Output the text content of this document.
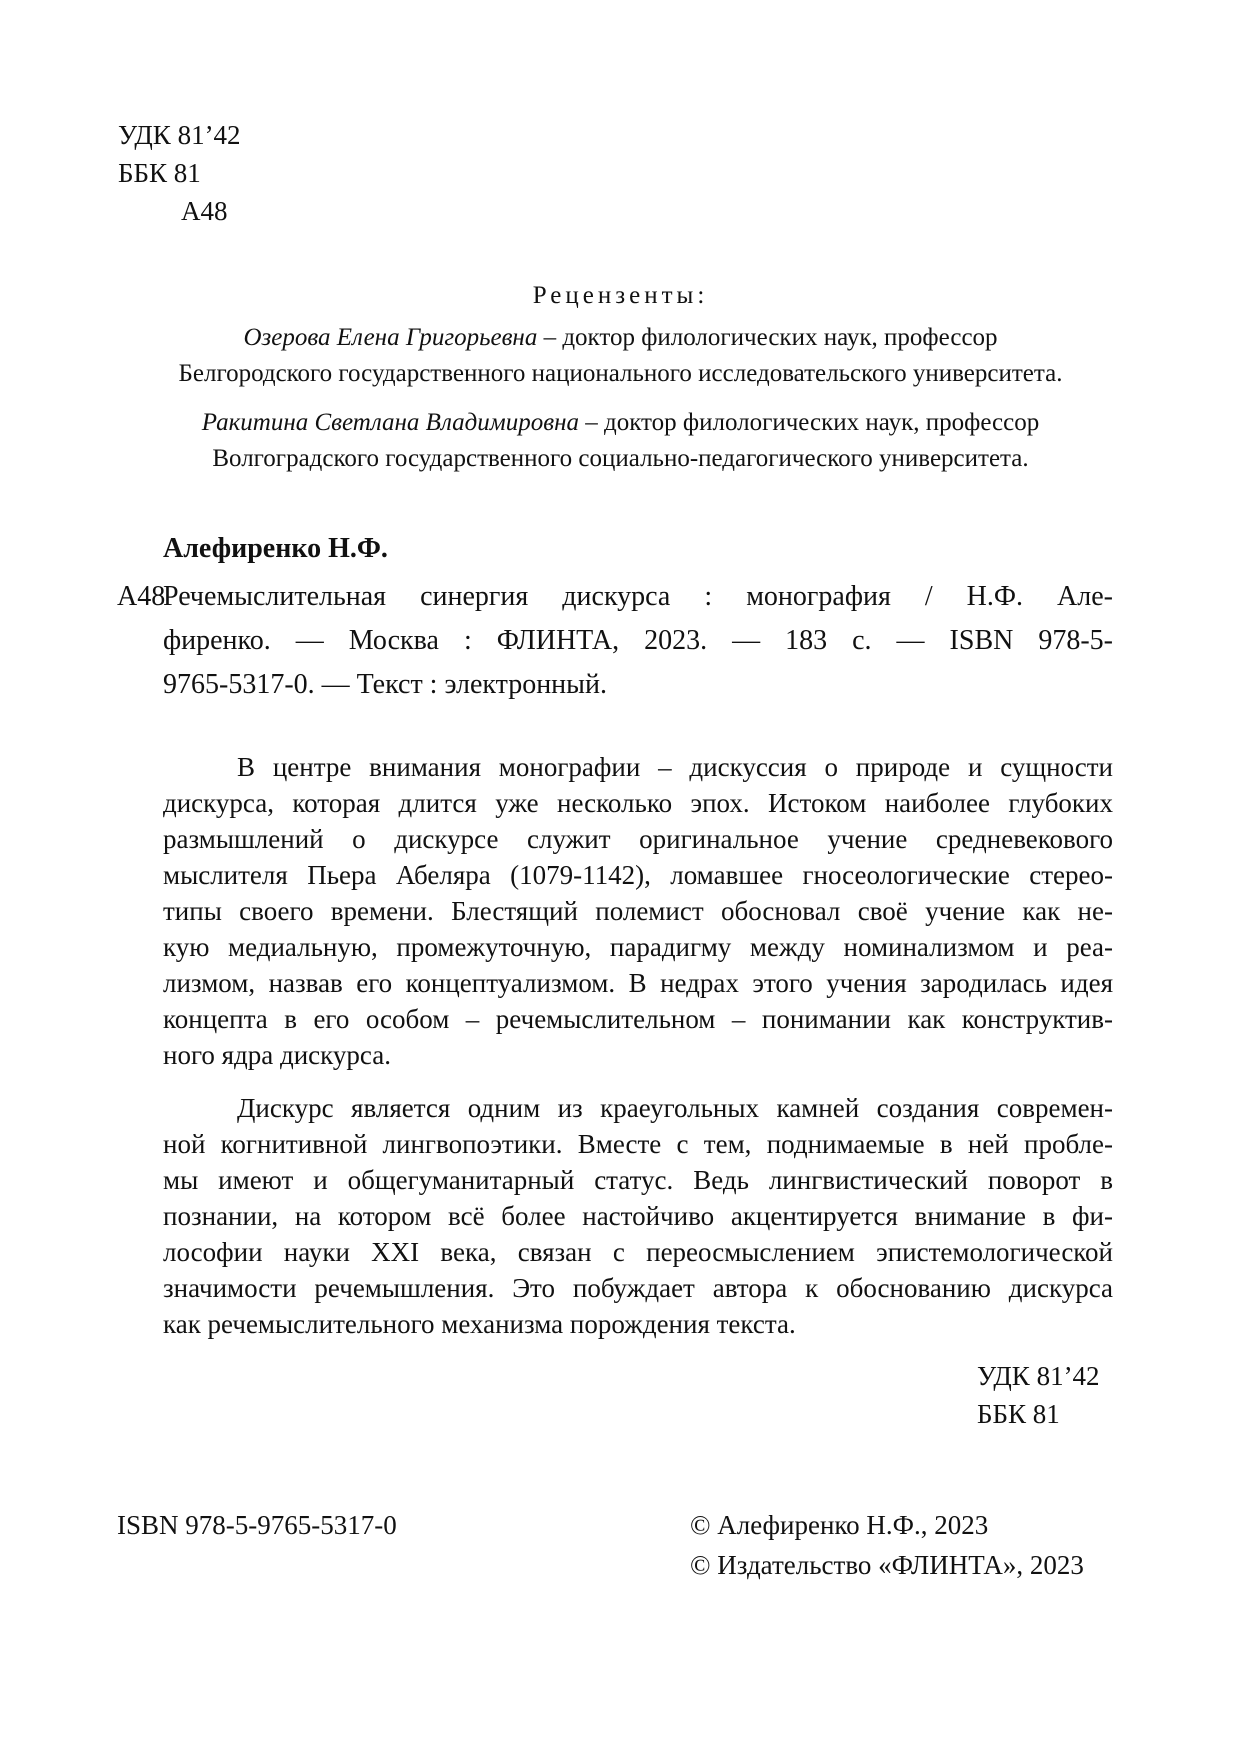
УДК 81’42
ББК 81
А48
Рецензенты:
Озерова Елена Григорьевна – доктор филологических наук, профессор
Белгородского государственного национального исследовательского университета.
Ракитина Светлана Владимировна – доктор филологических наук, профессор
Волгоградского государственного социально-педагогического университета.
Алефиренко Н.Ф.
А48
Речемыслительная синергия дискурса : монография / Н.Ф. Але-
фиренко. — Москва : ФЛИНТА, 2023. — 183 с. — ISBN 978-5-
9765-5317-0. — Текст : электронный.
В центре внимания монографии – дискуссия о природе и сущности
дискурса, которая длится уже несколько эпох. Истоком наиболее глубоких
размышлений о дискурсе служит оригинальное учение средневекового
мыслителя Пьера Абеляра (1079-1142), ломавшее гносеологические стерео-
типы своего времени. Блестящий полемист обосновал своё учение как не-
кую медиальную, промежуточную, парадигму между номинализмом и реа-
лизмом, назвав его концептуализмом. В недрах этого учения зародилась идея
концепта в его особом – речемыслительном – понимании как конструктив-
ного ядра дискурса.
Дискурс является одним из краеугольных камней создания современ-
ной когнитивной лингвопоэтики. Вместе с тем, поднимаемые в ней пробле-
мы имеют и общегуманитарный статус. Ведь лингвистический поворот в
познании, на котором всё более настойчиво акцентируется внимание в фи-
лософии науки XXI века, связан с переосмыслением эпистемологической
значимости речемышления. Это побуждает автора к обоснованию дискурса
как речемыслительного механизма порождения текста.
УДК 81’42
ББК 81
ISBN 978-5-9765-5317-0	© Алефиренко Н.Ф., 2023
© Издательство «ФЛИНТА», 2023
